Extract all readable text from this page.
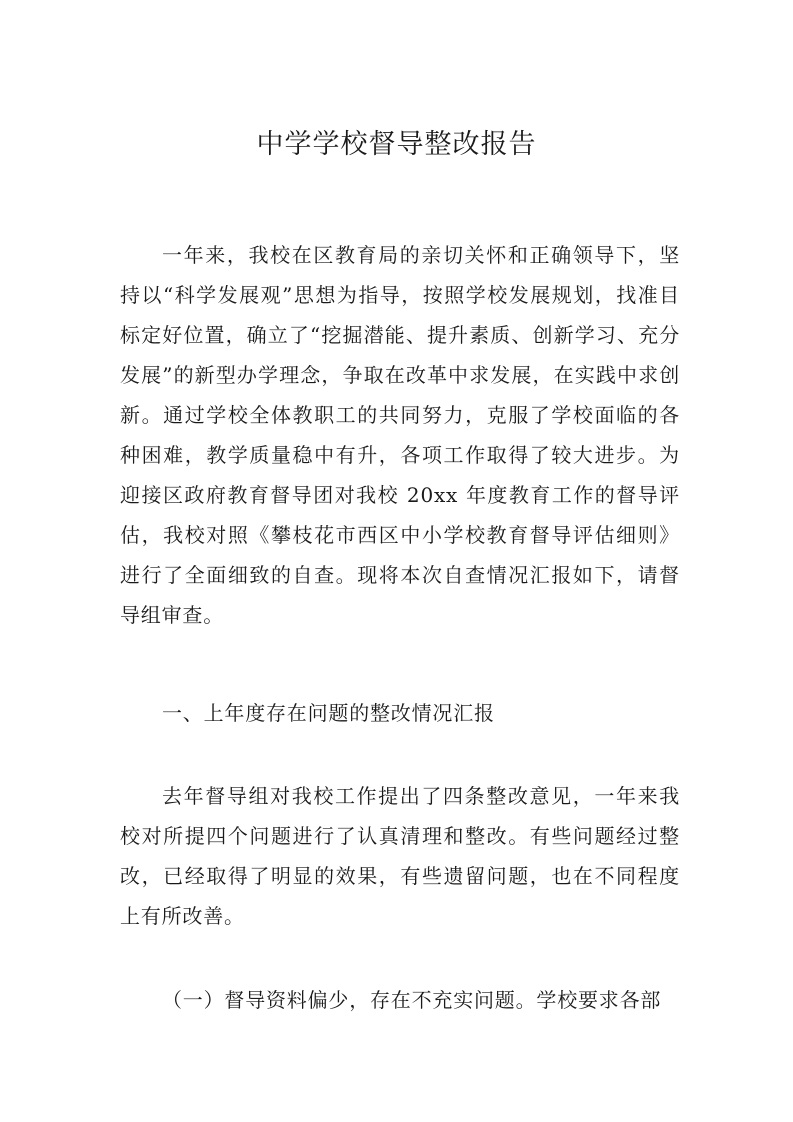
中学学校督导整改报告

一年来，我校在区教育局的亲切关怀和正确领导下，坚持以“科学发展观”思想为指导，按照学校发展规划，找准目标定好位置，确立了“挖掘潜能、提升素质、创新学习、充分发展”的新型办学理念，争取在改革中求发展，在实践中求创新。通过学校全体教职工的共同努力，克服了学校面临的各种困难，教学质量稳中有升，各项工作取得了较大进步。为迎接区政府教育督导团对我校 20xx 年度教育工作的督导评估，我校对照《攀枝花市西区中小学校教育督导评估细则》进行了全面细致的自查。现将本次自查情况汇报如下，请督导组审查。

一、上年度存在问题的整改情况汇报

去年督导组对我校工作提出了四条整改意见，一年来我校对所提四个问题进行了认真清理和整改。有些问题经过整改，已经取得了明显的效果，有些遗留问题，也在不同程度上有所改善。

（一）督导资料偏少，存在不充实问题。学校要求各部
